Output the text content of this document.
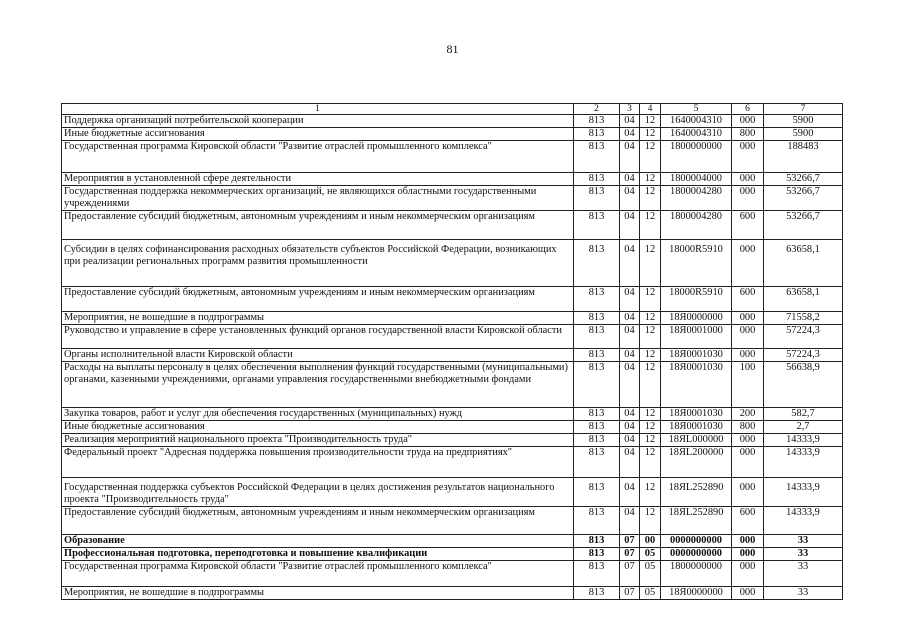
81
1	2	3	4	5	6	7
Поддержка организаций потребительской кооперации	813	04	12	1640004310	000	5900
Иные бюджетные ассигнования	813	04	12	1640004310	800	5900
Государственная программа Кировской области "Развитие отраслей промышленного комплекса"	813	04	12	1800000000	000	188483
Мероприятия в установленной сфере деятельности	813	04	12	1800004000	000	53266,7
Государственная поддержка некоммерческих организаций, не являющихся областными государственными учреждениями	813	04	12	1800004280	000	53266,7
Предоставление субсидий бюджетным, автономным учреждениям и иным некоммерческим организациям	813	04	12	1800004280	600	53266,7
Субсидии в целях софинансирования расходных обязательств субъектов Российской Федерации, возникающих при реализации региональных программ развития промышленности	813	04	12	18000R5910	000	63658,1
Предоставление субсидий бюджетным, автономным учреждениям и иным некоммерческим организациям	813	04	12	18000R5910	600	63658,1
Мероприятия, не вошедшие в подпрограммы	813	04	12	18Я0000000	000	71558,2
Руководство и управление в сфере установленных функций органов государственной власти Кировской области	813	04	12	18Я0001000	000	57224,3
Органы исполнительной власти Кировской области	813	04	12	18Я0001030	000	57224,3
Расходы на выплаты персоналу в целях обеспечения выполнения функций государственными (муниципальными) органами, казенными учреждениями, органами управления государственными внебюджетными фондами	813	04	12	18Я0001030	100	56638,9
Закупка товаров, работ и услуг для обеспечения государственных (муниципальных) нужд	813	04	12	18Я0001030	200	582,7
Иные бюджетные ассигнования	813	04	12	18Я0001030	800	2,7
Реализация мероприятий национального проекта "Производительность труда"	813	04	12	18ЯL000000	000	14333,9
Федеральный проект "Адресная поддержка повышения производительности труда на предприятиях"	813	04	12	18ЯL200000	000	14333,9
Государственная поддержка субъектов Российской Федерации в целях достижения результатов национального проекта "Производительность труда"	813	04	12	18ЯL252890	000	14333,9
Предоставление субсидий бюджетным, автономным учреждениям и иным некоммерческим организациям	813	04	12	18ЯL252890	600	14333,9
Образование	813	07	00	0000000000	000	33
Профессиональная подготовка, переподготовка и повышение квалификации	813	07	05	0000000000	000	33
Государственная программа Кировской области "Развитие отраслей промышленного комплекса"	813	07	05	1800000000	000	33
Мероприятия, не вошедшие в подпрограммы	813	07	05	18Я0000000	000	33
